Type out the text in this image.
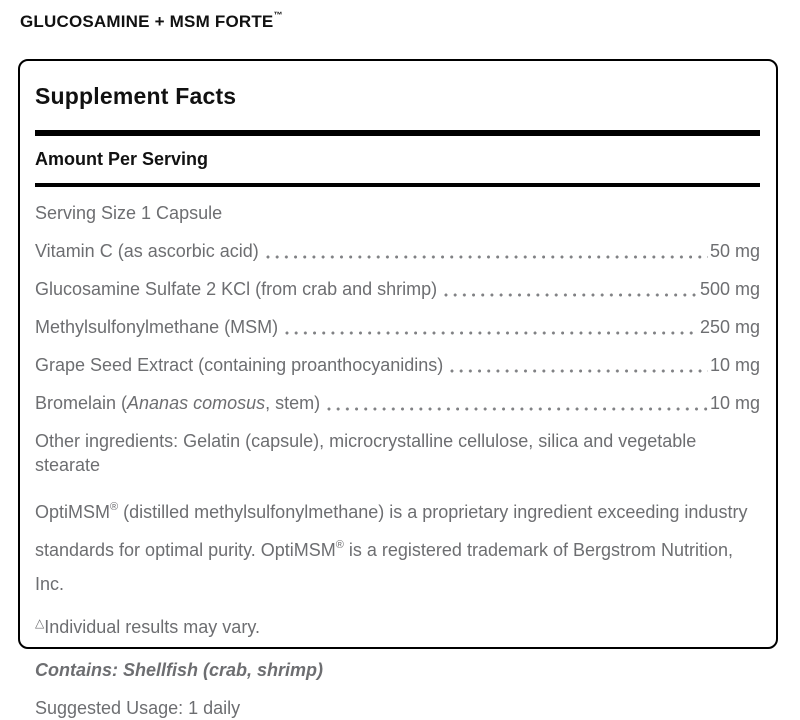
GLUCOSAMINE + MSM FORTE™
Supplement Facts
Amount Per Serving
Serving Size 1 Capsule
Vitamin C (as ascorbic acid)	50 mg
Glucosamine Sulfate 2 KCl (from crab and shrimp)	500 mg
Methylsulfonylmethane (MSM)	250 mg
Grape Seed Extract (containing proanthocyanidins)	10 mg
Bromelain (Ananas comosus, stem)	10 mg
Other ingredients: Gelatin (capsule), microcrystalline cellulose, silica and vegetable stearate
OptiMSM® (distilled methylsulfonylmethane) is a proprietary ingredient exceeding industry standards for optimal purity. OptiMSM® is a registered trademark of Bergstrom Nutrition, Inc.
△Individual results may vary.
Contains: Shellfish (crab, shrimp)
Suggested Usage: 1 daily
